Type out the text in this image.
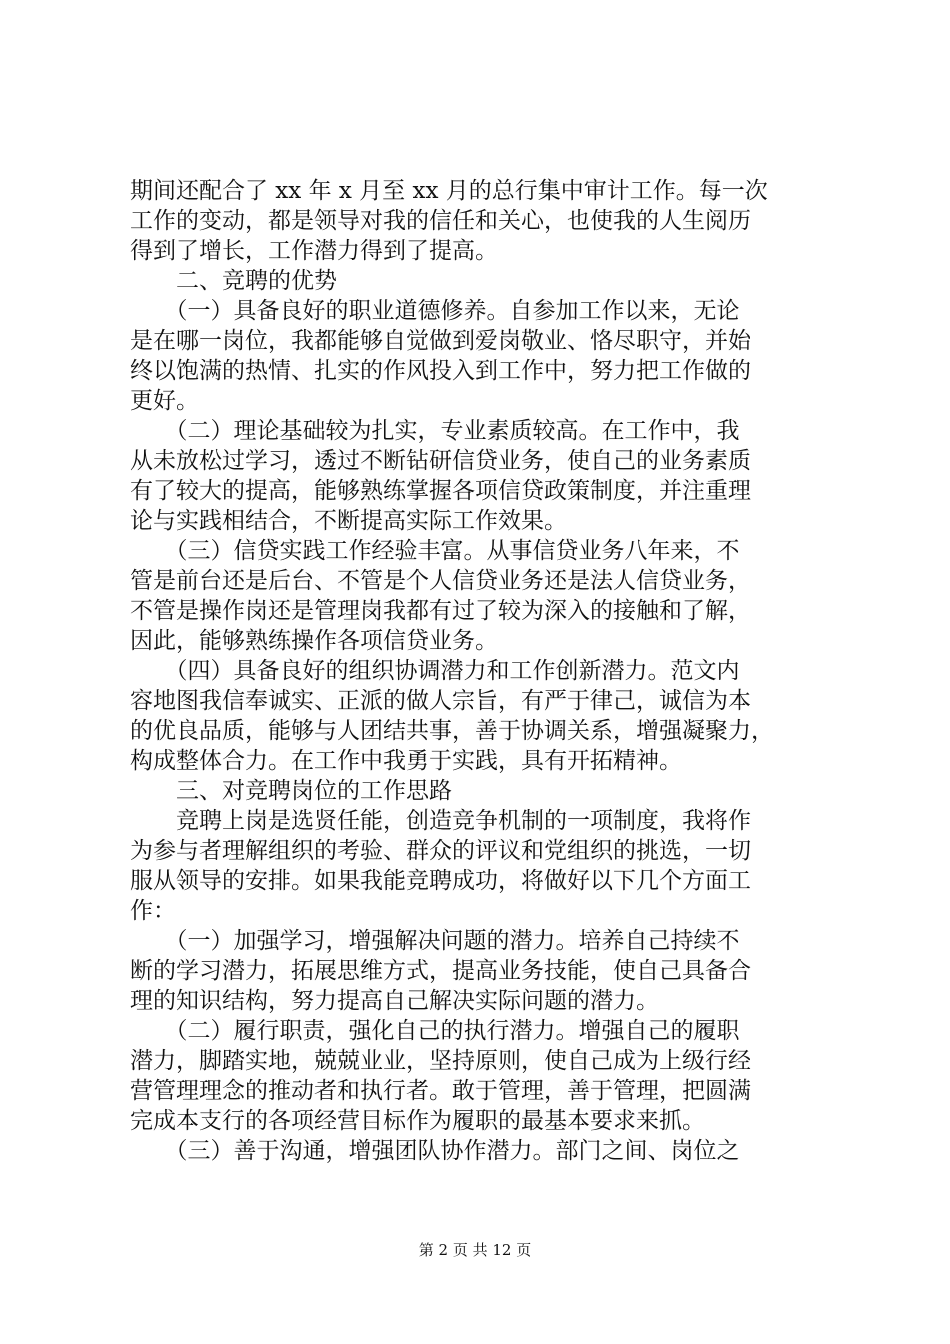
期间还配合了 xx 年 x 月至 xx 月的总行集中审计工作。每一次
工作的变动，都是领导对我的信任和关心，也使我的人生阅历
得到了增长，工作潜力得到了提高。
　　二、竞聘的优势
　　（一）具备良好的职业道德修养。自参加工作以来，无论
是在哪一岗位，我都能够自觉做到爱岗敬业、恪尽职守，并始
终以饱满的热情、扎实的作风投入到工作中，努力把工作做的
更好。
　　（二）理论基础较为扎实，专业素质较高。在工作中，我
从未放松过学习，透过不断钻研信贷业务，使自己的业务素质
有了较大的提高，能够熟练掌握各项信贷政策制度，并注重理
论与实践相结合，不断提高实际工作效果。
　　（三）信贷实践工作经验丰富。从事信贷业务八年来，不
管是前台还是后台、不管是个人信贷业务还是法人信贷业务，
不管是操作岗还是管理岗我都有过了较为深入的接触和了解，
因此，能够熟练操作各项信贷业务。
　　（四）具备良好的组织协调潜力和工作创新潜力。范文内
容地图我信奉诚实、正派的做人宗旨，有严于律己，诚信为本
的优良品质，能够与人团结共事，善于协调关系，增强凝聚力，
构成整体合力。在工作中我勇于实践，具有开拓精神。
　　三、对竞聘岗位的工作思路
　　竞聘上岗是选贤任能，创造竞争机制的一项制度，我将作
为参与者理解组织的考验、群众的评议和党组织的挑选，一切
服从领导的安排。如果我能竞聘成功，将做好以下几个方面工
作：
　　（一）加强学习，增强解决问题的潜力。培养自己持续不
断的学习潜力，拓展思维方式，提高业务技能，使自己具备合
理的知识结构，努力提高自己解决实际问题的潜力。
　　（二）履行职责，强化自己的执行潜力。增强自己的履职
潜力，脚踏实地，兢兢业业，坚持原则，使自己成为上级行经
营管理理念的推动者和执行者。敢于管理，善于管理，把圆满
完成本支行的各项经营目标作为履职的最基本要求来抓。
　　（三）善于沟通，增强团队协作潜力。部门之间、岗位之
第 2 页 共 12 页
